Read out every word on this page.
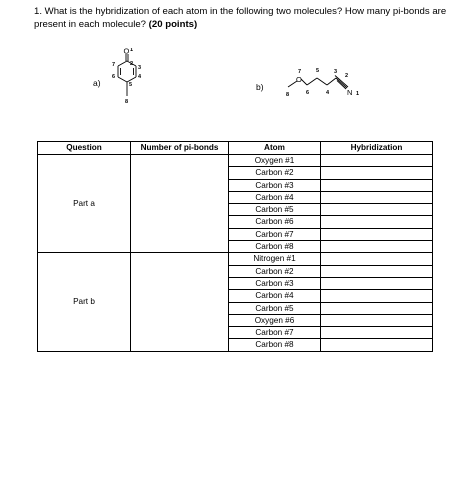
1. What is the hybridization of each atom in the following two molecules? How many pi-bonds are present in each molecule? (20 points)
a)	b)
O 1
2
3
4
5
6
7
8
O
N
7	5	3
2
8	6	4	1
Question	Number of pi-bonds	Atom	Hybridization
Part a		Oxygen #1	
		Carbon #2	
		Carbon #3	
		Carbon #4	
		Carbon #5	
		Carbon #6	
		Carbon #7	
		Carbon #8	
Part b		Nitrogen #1	
		Carbon #2	
		Carbon #3	
		Carbon #4	
		Carbon #5	
		Oxygen #6	
		Carbon #7	
		Carbon #8	
